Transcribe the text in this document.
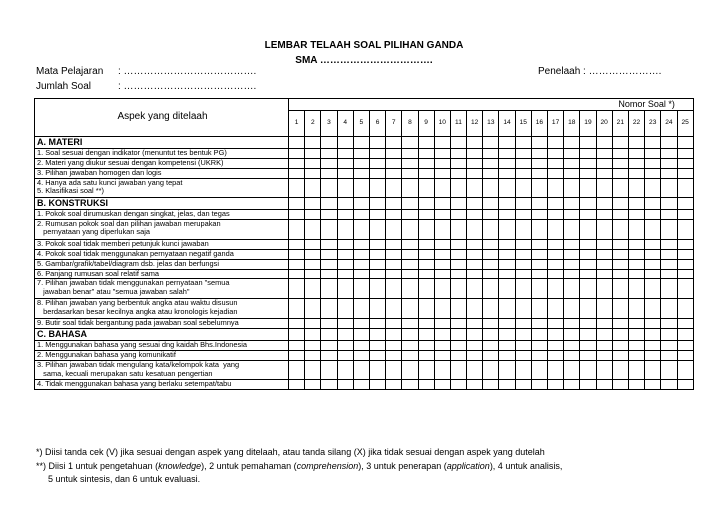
LEMBAR TELAAH SOAL PILIHAN GANDA
SMA …………………………….
Mata Pelajaran : ………………………………….
Jumlah Soal	: ………………………………….
Penelaah : ………………….
Aspek yang ditelaah	Nomor Soal *)																								
	1	2	3	4	5	6	7	8	9	10	11	12	13	14	15	16	17	18	19	20	21	22	23	24	25
A. MATERI																									

1. Soal sesuai dengan indikator (menuntut tes bentuk PG)																									

2. Materi yang diukur sesuai dengan kompetensi (UKRK)																									

3. Pilihan jawaban homogen dan logis																									

4. Hanya ada satu kunci jawaban yang tepat
5. Klasifikasi soal **)																									

B. KONSTRUKSI																									

1. Pokok soal dirumuskan dengan singkat, jelas, dan tegas																									

2. Rumusan pokok soal dan pilihan jawaban merupakan
pernyataan yang diperlukan saja																									

3. Pokok soal tidak memberi petunjuk kunci jawaban																									

4. Pokok soal tidak menggunakan pernyataan negatif ganda																									

5. Gambar/grafik/tabel/diagram dsb. jelas dan berfungsi																									

6. Panjang rumusan soal relatif sama																									

7. Pilihan jawaban tidak menggunakan pernyataan "semua
jawaban benar" atau "semua jawaban salah"																									

8. Pilihan jawaban yang berbentuk angka atau waktu disusun
berdasarkan besar kecilnya angka atau kronologis kejadian																									

9. Butir soal tidak bergantung pada jawaban soal sebelumnya																									

C. BAHASA																									

1. Menggunakan bahasa yang sesuai dng kaidah Bhs.Indonesia																									

2. Menggunakan bahasa yang komunikatif																									

3. Pilihan jawaban tidak mengulang kata/kelompok kata  yang
sama, kecuali merupakan satu kesatuan pengertian																									

4. Tidak menggunakan bahasa yang berlaku setempat/tabu																									

*) Diisi tanda cek (V) jika sesuai dengan aspek yang ditelaah, atau tanda silang (X) jika tidak sesuai dengan aspek yang dutelah
**) Diisi 1 untuk pengetahuan (knowledge), 2 untuk pemahaman (comprehension), 3 untuk penerapan (application), 4 untuk analisis,
5 untuk sintesis, dan 6 untuk evaluasi.
